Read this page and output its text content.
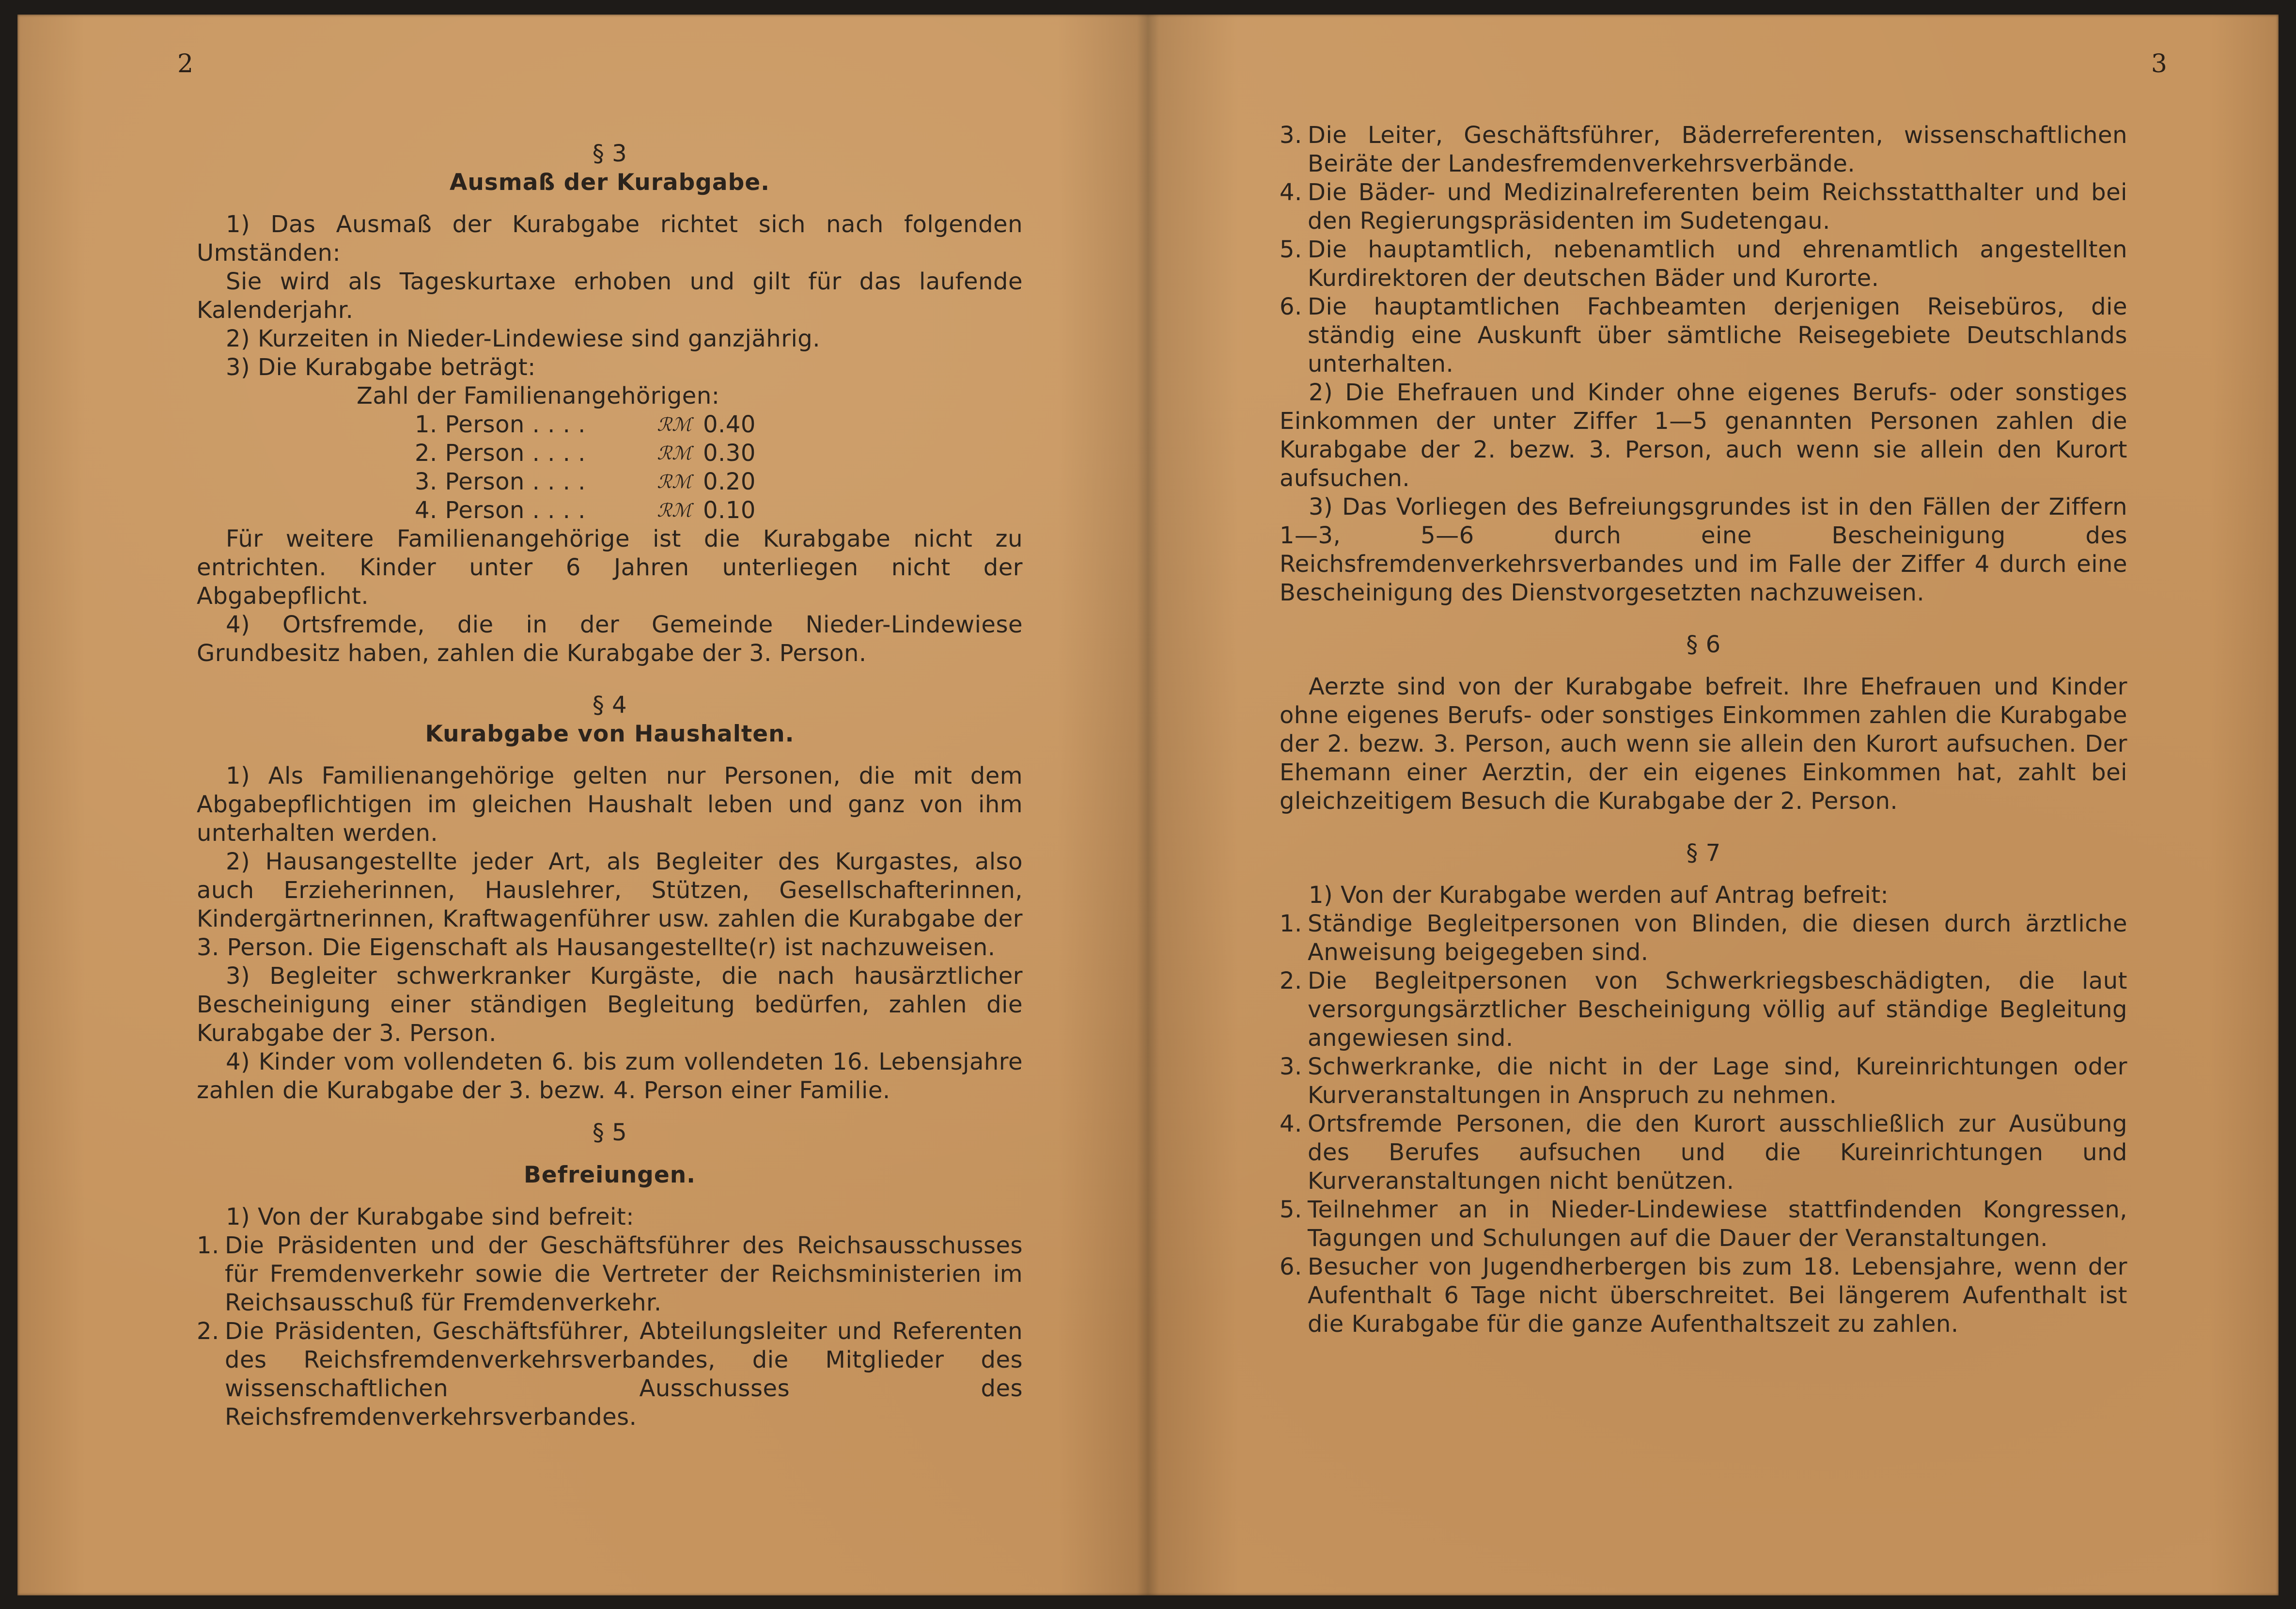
2

§ 3

Ausmaß der Kurabgabe.

1) Das Ausmaß der Kurabgabe richtet sich nach folgenden Umständen:

Sie wird als Tageskurtaxe erhoben und gilt für das laufende Kalenderjahr.

2) Kurzeiten in Nieder-Lindewiese sind ganzjährig.

3) Die Kurabgabe beträgt:

Zahl der Familienangehörigen:
1. Person . . . .	ℛℳ 0.40
2. Person . . . .	ℛℳ 0.30
3. Person . . . .	ℛℳ 0.20
4. Person . . . .	ℛℳ 0.10

Für weitere Familienangehörige ist die Kurabgabe nicht zu entrichten. Kinder unter 6 Jahren unterliegen nicht der Abgabepflicht.

4) Ortsfremde, die in der Gemeinde Nieder-Lindewiese Grundbesitz haben, zahlen die Kurabgabe der 3. Person.

§ 4

Kurabgabe von Haushalten.

1) Als Familienangehörige gelten nur Personen, die mit dem Abgabepflichtigen im gleichen Haushalt leben und ganz von ihm unterhalten werden.

2) Hausangestellte jeder Art, als Begleiter des Kurgastes, also auch Erzieherinnen, Hauslehrer, Stützen, Gesellschafterinnen, Kindergärtnerinnen, Kraftwagenführer usw. zahlen die Kurabgabe der 3. Person. Die Eigenschaft als Hausangestellte(r) ist nachzuweisen.

3) Begleiter schwerkranker Kurgäste, die nach hausärztlicher Bescheinigung einer ständigen Begleitung bedürfen, zahlen die Kurabgabe der 3. Person.

4) Kinder vom vollendeten 6. bis zum vollendeten 16. Lebensjahre zahlen die Kurabgabe der 3. bezw. 4. Person einer Familie.

§ 5

Befreiungen.

1) Von der Kurabgabe sind befreit:

1. Die Präsidenten und der Geschäftsführer des Reichsausschusses für Fremdenverkehr sowie die Vertreter der Reichsministerien im Reichsausschuß für Fremdenverkehr.
2. Die Präsidenten, Geschäftsführer, Abteilungsleiter und Referenten des Reichsfremdenverkehrsverbandes, die Mitglieder des wissenschaftlichen Ausschusses des Reichsfremdenverkehrsverbandes.
3
3. Die Leiter, Geschäftsführer, Bäderreferenten, wissenschaftlichen Beiräte der Landesfremdenverkehrsverbände.
4. Die Bäder- und Medizinalreferenten beim Reichsstatthalter und bei den Regierungspräsidenten im Sudetengau.
5. Die hauptamtlich, nebenamtlich und ehrenamtlich angestellten Kurdirektoren der deutschen Bäder und Kurorte.
6. Die hauptamtlichen Fachbeamten derjenigen Reisebüros, die ständig eine Auskunft über sämtliche Reisegebiete Deutschlands unterhalten.

2) Die Ehefrauen und Kinder ohne eigenes Berufs- oder sonstiges Einkommen der unter Ziffer 1—5 genannten Personen zahlen die Kurabgabe der 2. bezw. 3. Person, auch wenn sie allein den Kurort aufsuchen.

3) Das Vorliegen des Befreiungsgrundes ist in den Fällen der Ziffern 1—3, 5—6 durch eine Bescheinigung des Reichsfremdenverkehrsverbandes und im Falle der Ziffer 4 durch eine Bescheinigung des Dienstvorgesetzten nachzuweisen.

§ 6

Aerzte sind von der Kurabgabe befreit. Ihre Ehefrauen und Kinder ohne eigenes Berufs- oder sonstiges Einkommen zahlen die Kurabgabe der 2. bezw. 3. Person, auch wenn sie allein den Kurort aufsuchen. Der Ehemann einer Aerztin, der ein eigenes Einkommen hat, zahlt bei gleichzeitigem Besuch die Kurabgabe der 2. Person.

§ 7

1) Von der Kurabgabe werden auf Antrag befreit:

1. Ständige Begleitpersonen von Blinden, die diesen durch ärztliche Anweisung beigegeben sind.
2. Die Begleitpersonen von Schwerkriegsbeschädigten, die laut versorgungsärztlicher Bescheinigung völlig auf ständige Begleitung angewiesen sind.
3. Schwerkranke, die nicht in der Lage sind, Kureinrichtungen oder Kurveranstaltungen in Anspruch zu nehmen.
4. Ortsfremde Personen, die den Kurort ausschließlich zur Ausübung des Berufes aufsuchen und die Kureinrichtungen und Kurveranstaltungen nicht benützen.
5. Teilnehmer an in Nieder-Lindewiese stattfindenden Kongressen, Tagungen und Schulungen auf die Dauer der Veranstaltungen.
6. Besucher von Jugendherbergen bis zum 18. Lebensjahre, wenn der Aufenthalt 6 Tage nicht überschreitet. Bei längerem Aufenthalt ist die Kurabgabe für die ganze Aufenthaltszeit zu zahlen.
